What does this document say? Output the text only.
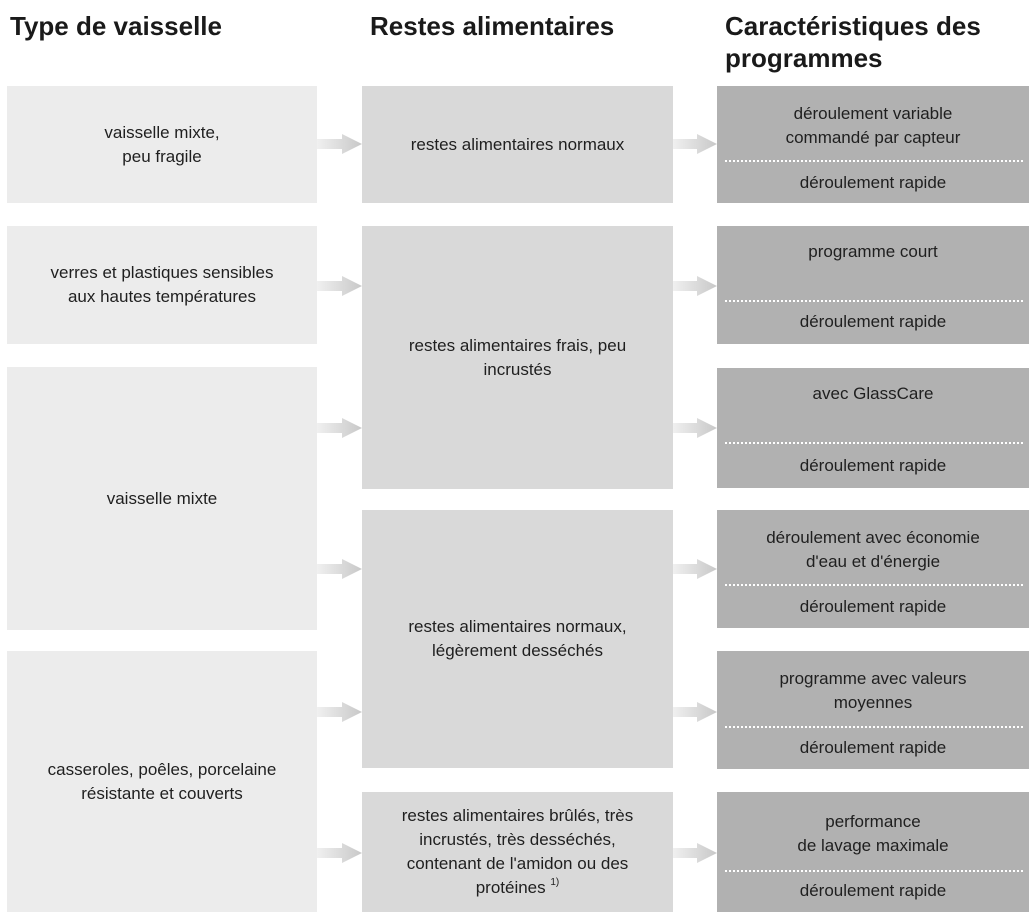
Type de vaisselle	Restes alimentaires	Caractéristiques des
programmes
vaisselle mixte,
peu fragile
verres et plastiques sensibles
aux hautes températures
vaisselle mixte
casseroles, poêles, porcelaine
résistante et couverts
restes alimentaires normaux
restes alimentaires frais, peu
incrustés
restes alimentaires normaux,
légèrement desséchés
restes alimentaires brûlés, très
incrustés, très desséchés,
contenant de l'amidon ou des
protéines $^{1)}$
déroulement variable
commandé par capteur
déroulement rapide
programme court
déroulement rapide
avec GlassCare
déroulement rapide
déroulement avec économie
d'eau et d'énergie
déroulement rapide
programme avec valeurs
moyennes
déroulement rapide
performance
de lavage maximale
déroulement rapide
